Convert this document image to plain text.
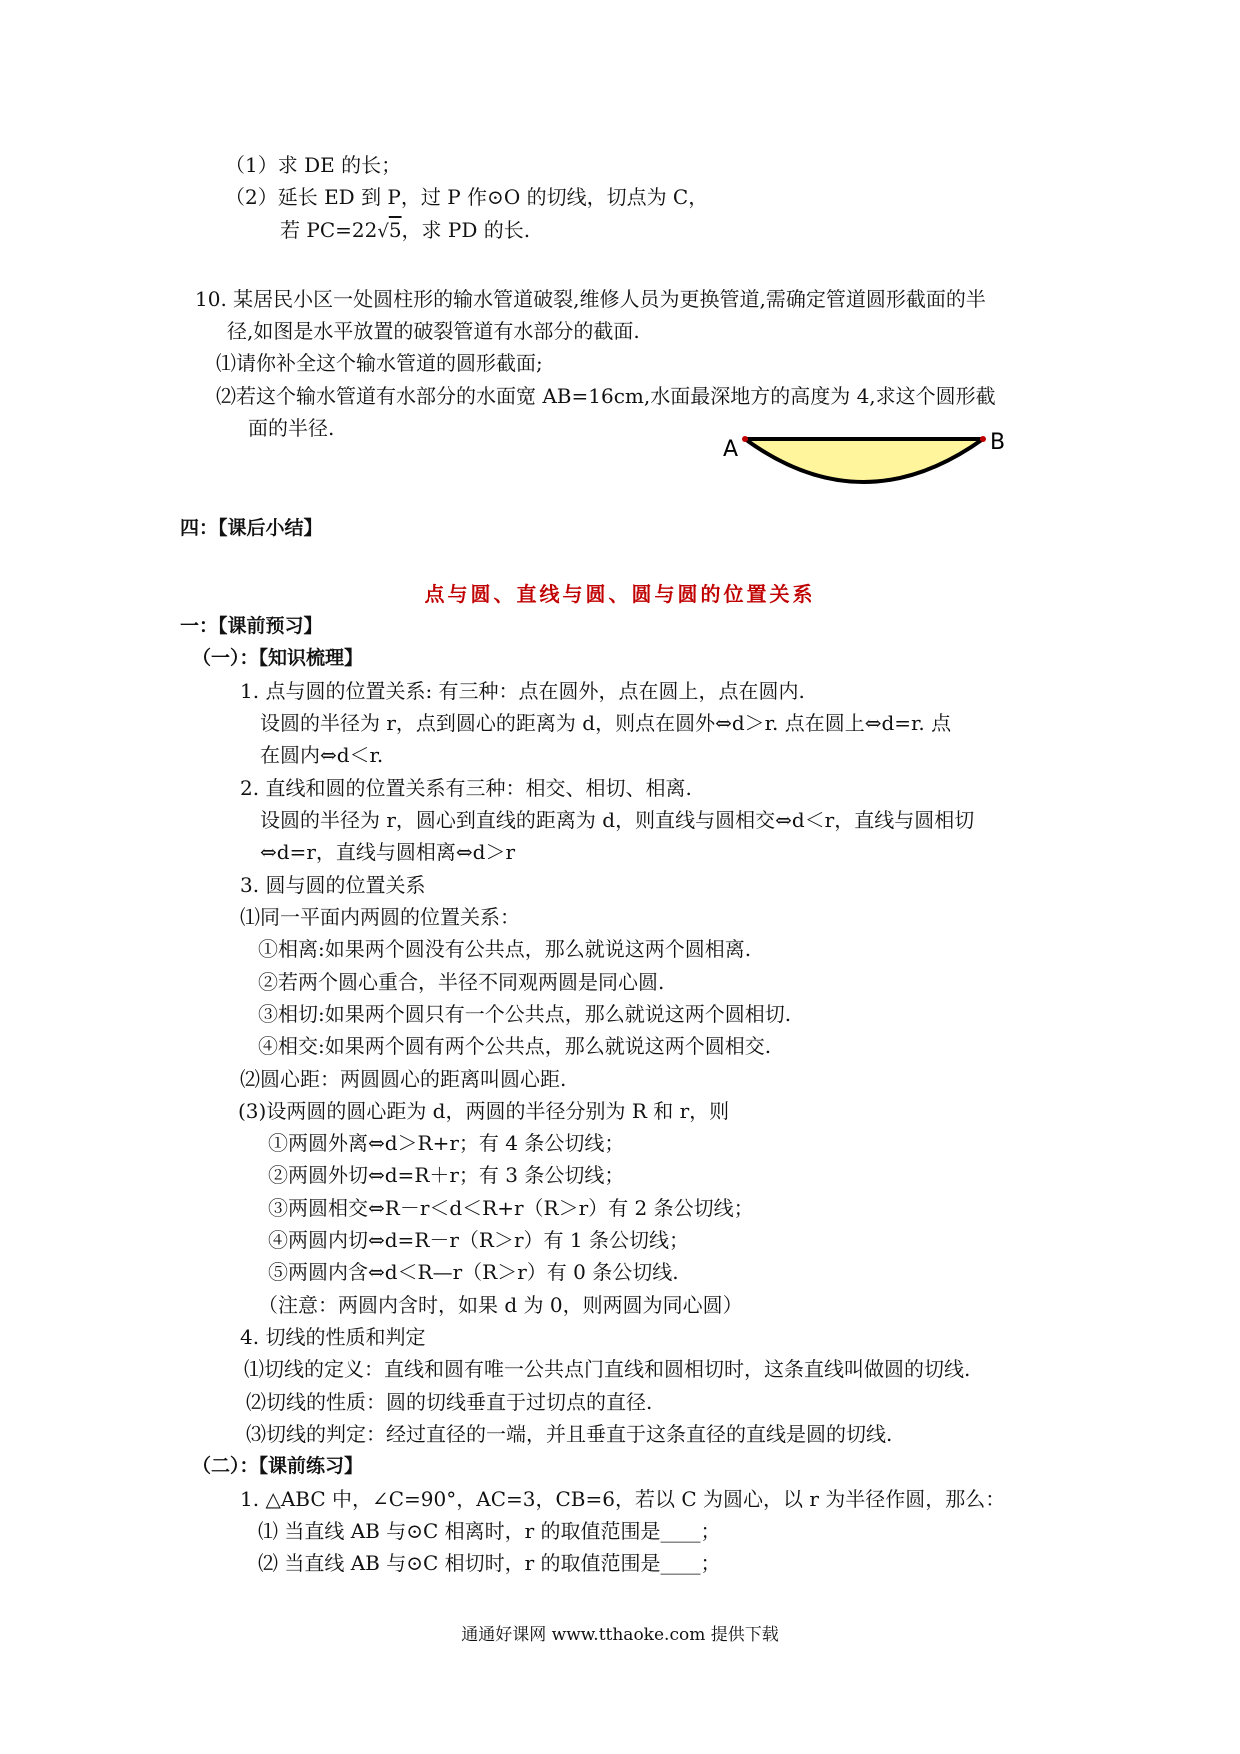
（1）求 DE 的长；
（2）延长 ED 到 P，过 P 作⊙O 的切线，切点为 C，
若 PC=22√5，求 PD 的长.
10. 某居民小区一处圆柱形的输水管道破裂,维修人员为更换管道,需确定管道圆形截面的半
径,如图是水平放置的破裂管道有水部分的截面.
⑴请你补全这个输水管道的圆形截面;
⑵若这个输水管道有水部分的水面宽 AB=16cm,水面最深地方的高度为 4,求这个圆形截
面的半径.
A	B
四：【课后小结】
点与圆、直线与圆、圆与圆的位置关系
一：【课前预习】
（一）：【知识梳理】
1. 点与圆的位置关系: 有三种：点在圆外，点在圆上，点在圆内.
设圆的半径为 r，点到圆心的距离为 d，则点在圆外⇔d＞r. 点在圆上⇔d=r. 点
在圆内⇔d＜r.
2. 直线和圆的位置关系有三种：相交、相切、相离.
设圆的半径为 r，圆心到直线的距离为 d，则直线与圆相交⇔d＜r，直线与圆相切
⇔d=r，直线与圆相离⇔d＞r
3. 圆与圆的位置关系
⑴同一平面内两圆的位置关系：
①相离:如果两个圆没有公共点，那么就说这两个圆相离.
②若两个圆心重合，半径不同观两圆是同心圆.
③相切:如果两个圆只有一个公共点，那么就说这两个圆相切.
④相交:如果两个圆有两个公共点，那么就说这两个圆相交.
⑵圆心距：两圆圆心的距离叫圆心距.
(3)设两圆的圆心距为 d，两圆的半径分别为 R 和 r，则
①两圆外离⇔d＞R+r；有 4 条公切线；
②两圆外切⇔d=R＋r；有 3 条公切线；
③两圆相交⇔R－r＜d＜R+r（R＞r）有 2 条公切线；
④两圆内切⇔d=R－r（R＞r）有 1 条公切线；
⑤两圆内含⇔d＜R—r（R＞r）有 0 条公切线.
（注意：两圆内含时，如果 d 为 0，则两圆为同心圆）
4. 切线的性质和判定
⑴切线的定义：直线和圆有唯一公共点门直线和圆相切时，这条直线叫做圆的切线.
⑵切线的性质：圆的切线垂直于过切点的直径.
⑶切线的判定：经过直径的一端，并且垂直于这条直径的直线是圆的切线.
（二）：【课前练习】
1. △ABC 中，∠C=90°，AC=3，CB=6，若以 C 为圆心，以 r 为半径作圆，那么：
⑴ 当直线 AB 与⊙C 相离时，r 的取值范围是____；
⑵ 当直线 AB 与⊙C 相切时，r 的取值范围是____；
通通好课网 www.tthaoke.com 提供下载
